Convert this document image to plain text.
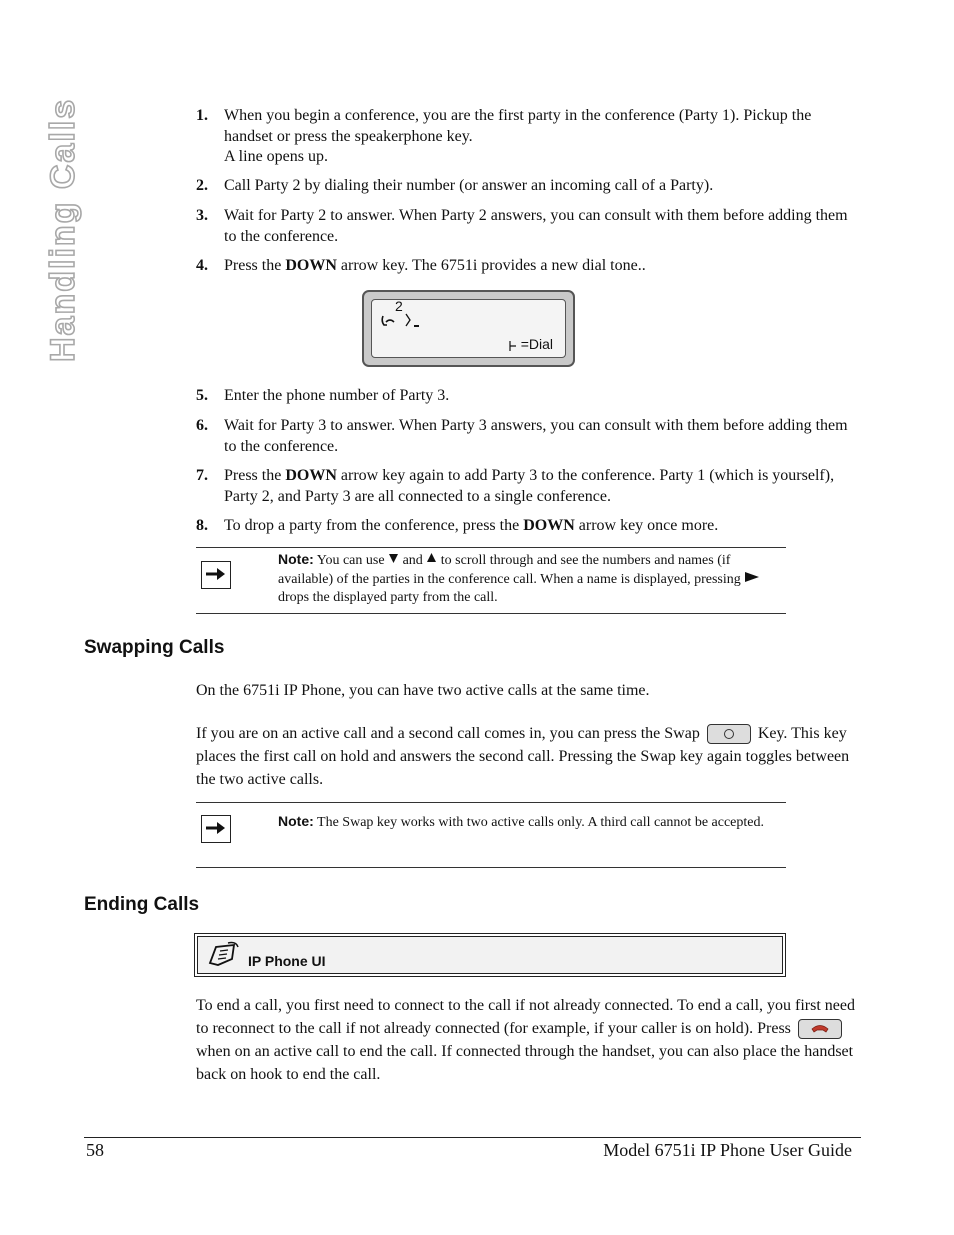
Handling Calls	1. When you begin a conference, you are the first party in the conference (Party 1). Pickup the handset or press the speakerphone key.
A line opens up.
2. Call Party 2 by dialing their number (or answer an incoming call of a Party).
3. Wait for Party 2 to answer. When Party 2 answers, you can consult with them before adding them to the conference.
4. Press the DOWN arrow key. The 6751i provides a new dial tone..
5. Enter the phone number of Party 3.
6. Wait for Party 3 to answer. When Party 3 answers, you can consult with them before adding them to the conference.
7. Press the DOWN arrow key again to add Party 3 to the conference. Party 1 (which is yourself), Party 2, and Party 3 are all connected to a single conference.
8. To drop a party from the conference, press the DOWN arrow key once more.
2
=Dial
Note: You can use  and  to scroll through and see the numbers and names (if available) of the parties in the conference call. When a name is displayed, pressing  drops the displayed party from the call.
Swapping Calls

On the 6751i IP Phone, you can have two active calls at the same time.

If you are on an active call and a second call comes in, you can press the Swap	Key. This key places the first call on hold and answers the second call. Pressing the Swap key again toggles between the two active calls.

Note: The Swap key works with two active calls only. A third call cannot be accepted.
Ending Calls
IP Phone UI

To end a call, you first need to connect to the call if not already connected. To end a call, you first need to reconnect to the call if not already connected (for example, if your caller is on hold). Press  when on an active call to end the call. If connected through the handset, you can also place the handset back on hook to end the call.

58	Model 6751i IP Phone User Guide
